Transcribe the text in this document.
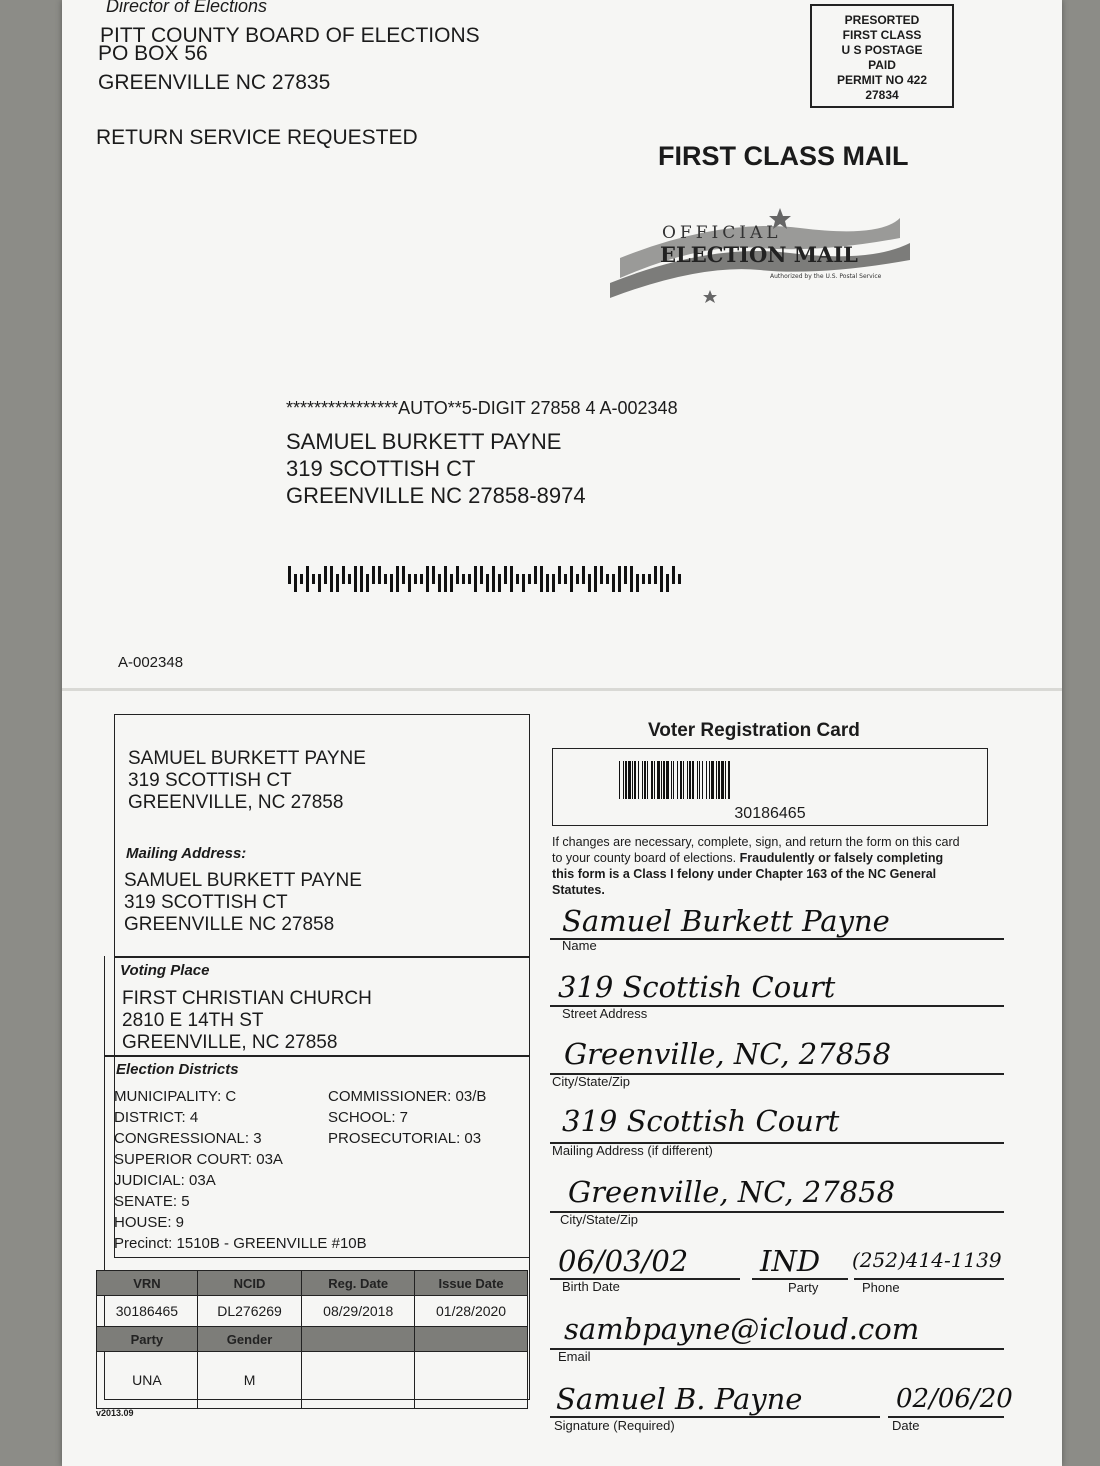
Director of Elections
PITT COUNTY BOARD OF ELECTIONS
PO BOX 56
GREENVILLE NC 27835
RETURN SERVICE REQUESTED
PRESORTED
FIRST CLASS
U S POSTAGE
PAID
PERMIT NO 422
27834
FIRST CLASS MAIL
OFFICIAL
ELECTION MAIL
Authorized by the U.S. Postal Service
****************AUTO**5-DIGIT 27858 4 A-002348
SAMUEL BURKETT PAYNE
319 SCOTTISH CT
GREENVILLE NC 27858-8974
A-002348
SAMUEL BURKETT PAYNE
319 SCOTTISH CT
GREENVILLE, NC 27858
Mailing Address:
SAMUEL BURKETT PAYNE
319 SCOTTISH CT
GREENVILLE NC 27858
Voting Place
FIRST CHRISTIAN CHURCH
2810 E 14TH ST
GREENVILLE, NC 27858
Election Districts
MUNICIPALITY: C
DISTRICT: 4
CONGRESSIONAL: 3
SUPERIOR COURT: 03A
JUDICIAL: 03A
SENATE: 5
HOUSE: 9
Precinct: 1510B - GREENVILLE #10B
COMMISSIONER: 03/B
SCHOOL: 7
PROSECUTORIAL: 03
VRN	NCID	Reg. Date	Issue Date
30186465	DL276269	08/29/2018	01/28/2020
Party	Gender		
UNA	M		
v2013.09
Voter Registration Card
30186465
If changes are necessary, complete, sign, and return the form on this card to your county board of elections. Fraudulently or falsely completing this form is a Class I felony under Chapter 163 of the NC General Statutes.
Samuel Burkett Payne
Name
319 Scottish Court
Street Address
Greenville, NC, 27858
City/State/Zip
319 Scottish Court
Mailing Address (if different)
Greenville, NC, 27858
City/State/Zip
06/03/02
Birth Date
IND
Party
(252)414-1139
Phone
sambpayne@icloud.com
Email
Samuel B. Payne
Signature (Required)
02/06/20
Date
